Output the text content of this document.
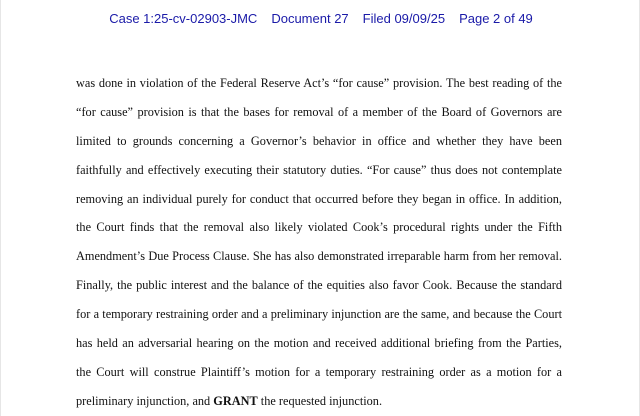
Case 1:25-cv-02903-JMC Document 27 Filed 09/09/25 Page 2 of 49
was done in violation of the Federal Reserve Act’s “for cause” provision. The best reading of the
“for cause” provision is that the bases for removal of a member of the Board of Governors are
limited to grounds concerning a Governor’s behavior in office and whether they have been
faithfully and effectively executing their statutory duties. “For cause” thus does not contemplate
removing an individual purely for conduct that occurred before they began in office. In addition,
the Court finds that the removal also likely violated Cook’s procedural rights under the Fifth
Amendment’s Due Process Clause. She has also demonstrated irreparable harm from her removal.
Finally, the public interest and the balance of the equities also favor Cook. Because the standard
for a temporary restraining order and a preliminary injunction are the same, and because the Court
has held an adversarial hearing on the motion and received additional briefing from the Parties,
the Court will construe Plaintiff’s motion for a temporary restraining order as a motion for a
preliminary injunction, and GRANT the requested injunction.
